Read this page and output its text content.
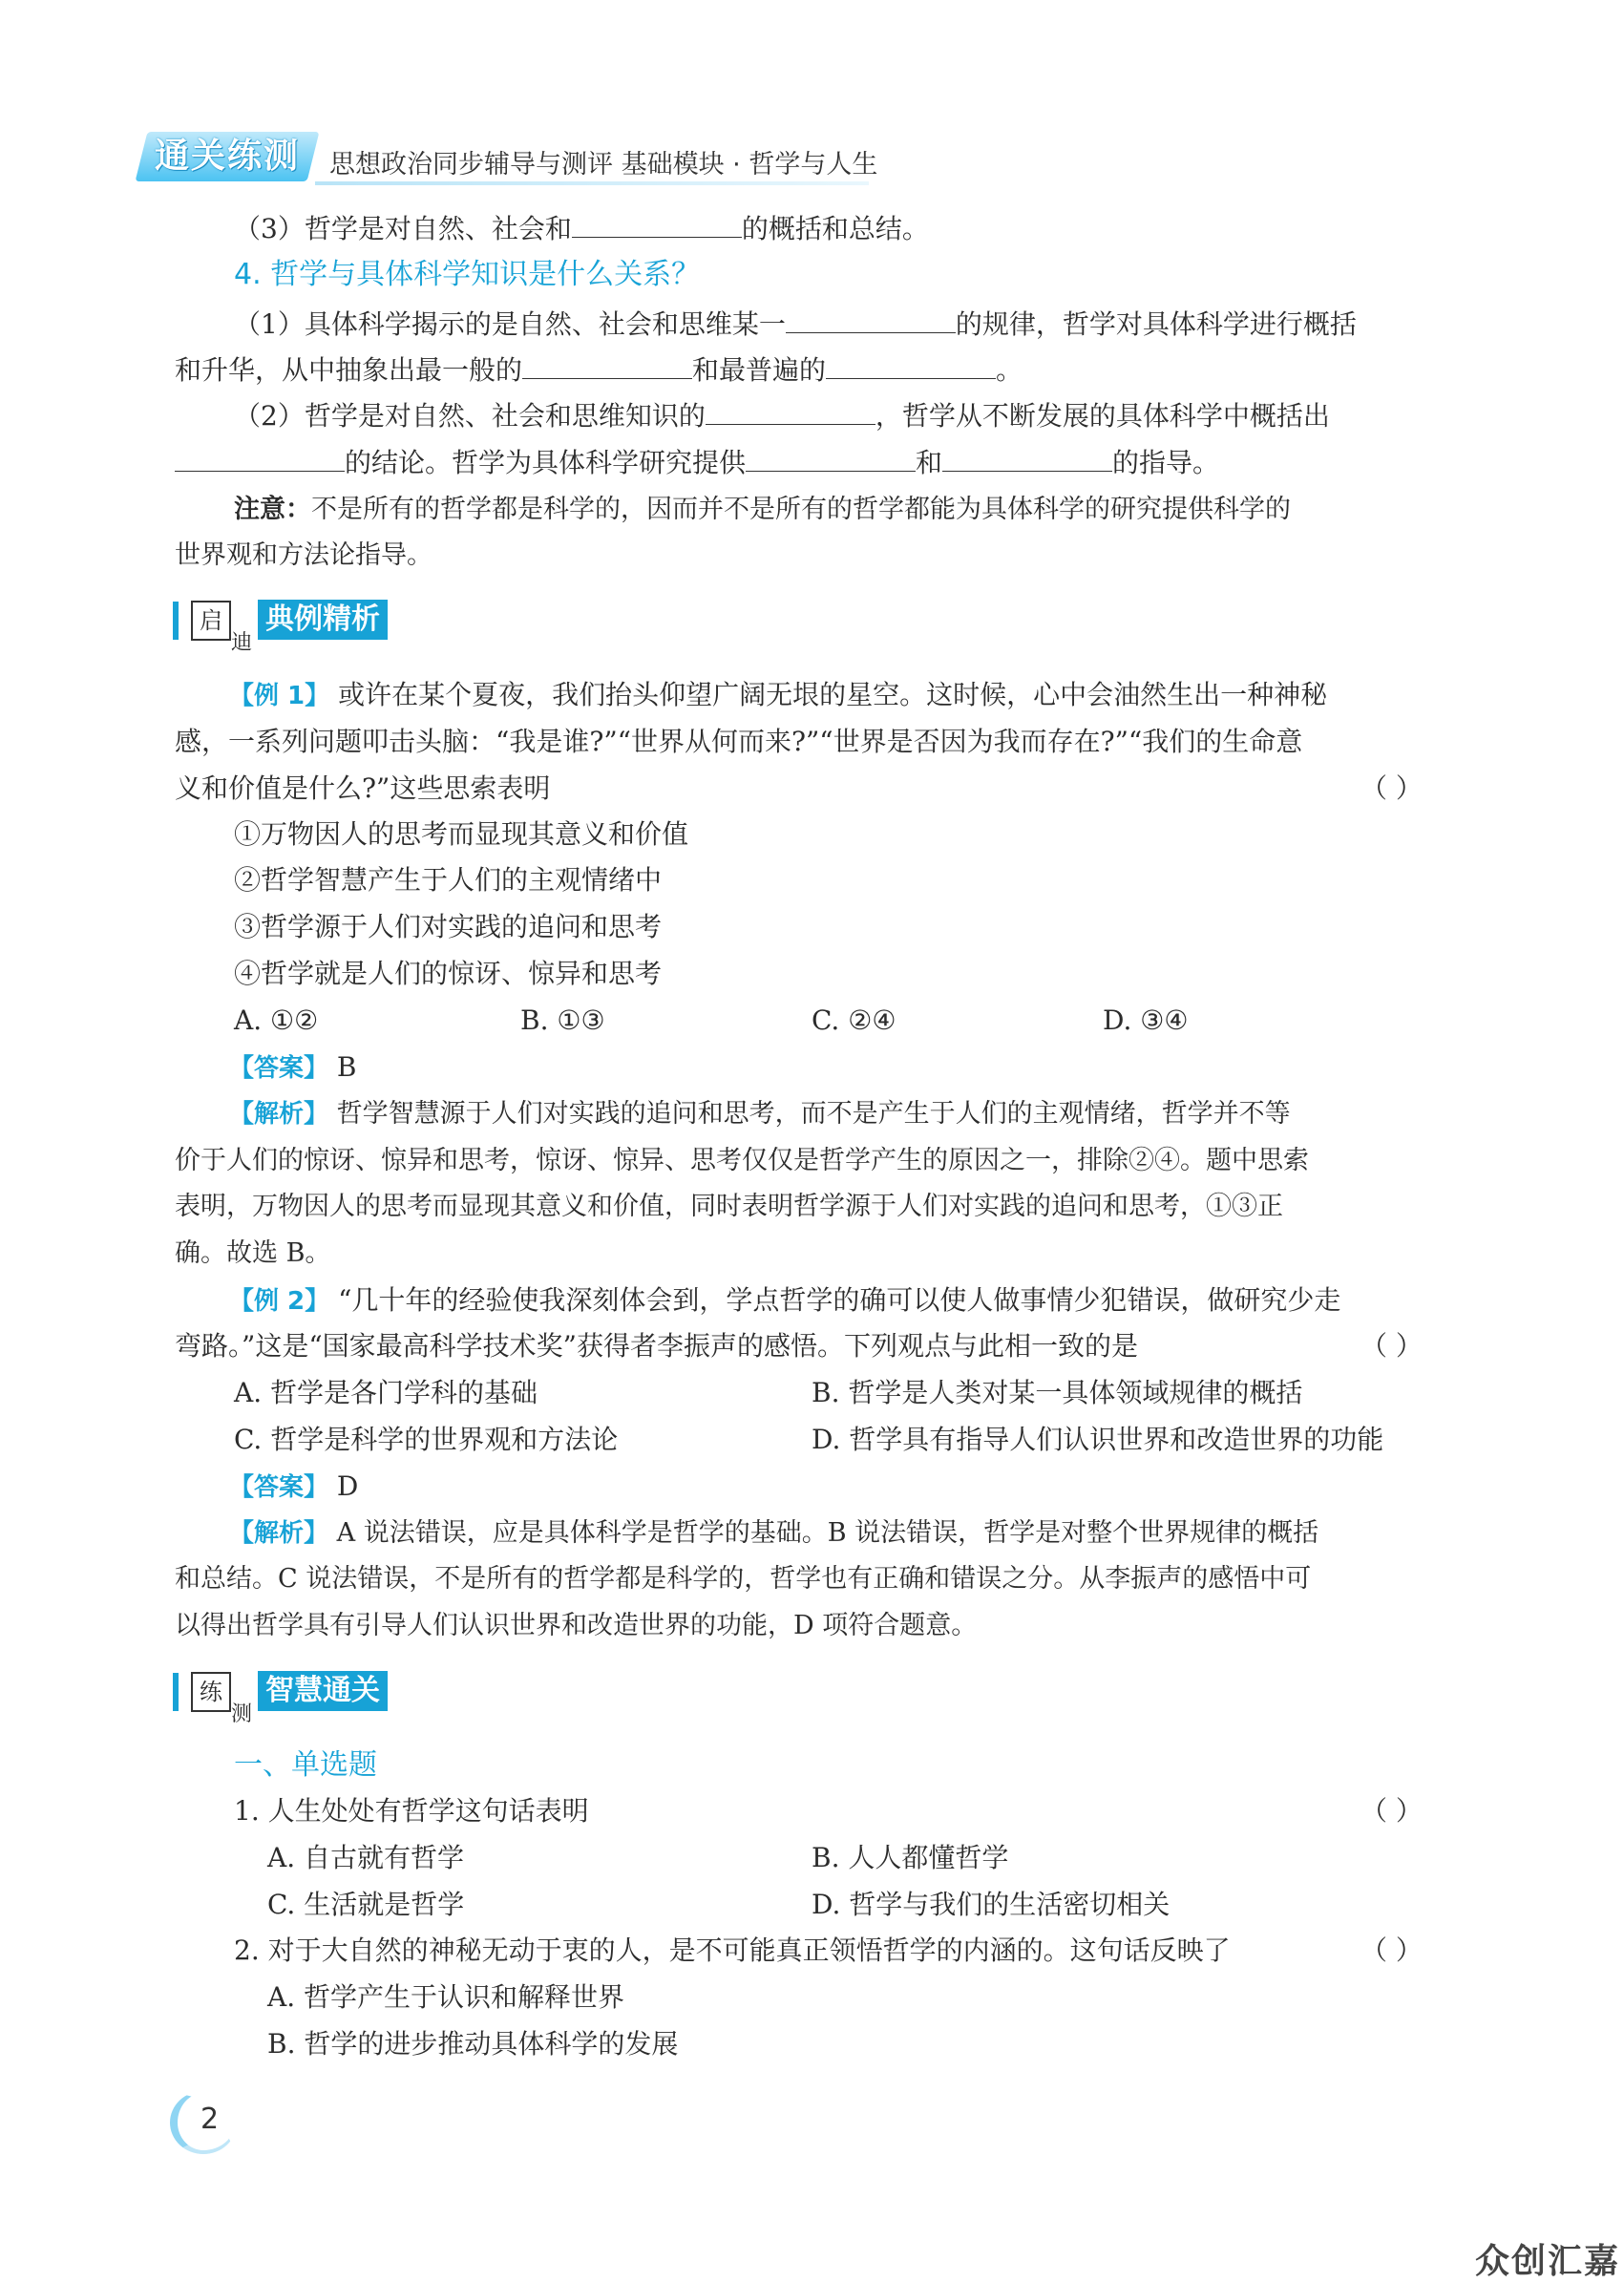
通关练测	思想政治同步辅导与测评 基础模块 · 哲学与人生
（3）哲学是对自然、社会和	的概括和总结。
4. 哲学与具体科学知识是什么关系？
（1）具体科学揭示的是自然、社会和思维某一	的规律，哲学对具体科学进行概括
和升华，从中抽象出最一般的	和最普遍的	。
（2）哲学是对自然、社会和思维知识的	，哲学从不断发展的具体科学中概括出
的结论。哲学为具体科学研究提供	和	的指导。
注意：不是所有的哲学都是科学的，因而并不是所有的哲学都能为具体科学的研究提供科学的
世界观和方法论指导。
启
迪
典例精析
【例 1】 或许在某个夏夜，我们抬头仰望广阔无垠的星空。这时候，心中会油然生出一种神秘
感，一系列问题叩击头脑：“我是谁?”“世界从何而来?”“世界是否因为我而存在?”“我们的生命意
义和价值是什么?”这些思索表明	（ ）
①万物因人的思考而显现其意义和价值
②哲学智慧产生于人们的主观情绪中
③哲学源于人们对实践的追问和思考
④哲学就是人们的惊讶、惊异和思考
A. ①②	B. ①③	C. ②④	D. ③④
【答案】 B
【解析】 哲学智慧源于人们对实践的追问和思考，而不是产生于人们的主观情绪，哲学并不等
价于人们的惊讶、惊异和思考，惊讶、惊异、思考仅仅是哲学产生的原因之一，排除②④。题中思索
表明，万物因人的思考而显现其意义和价值，同时表明哲学源于人们对实践的追问和思考，①③正
确。故选 B。
【例 2】 “几十年的经验使我深刻体会到，学点哲学的确可以使人做事情少犯错误，做研究少走
弯路。”这是“国家最高科学技术奖”获得者李振声的感悟。下列观点与此相一致的是	（ ）
A. 哲学是各门学科的基础	B. 哲学是人类对某一具体领域规律的概括
C. 哲学是科学的世界观和方法论	D. 哲学具有指导人们认识世界和改造世界的功能
【答案】 D
【解析】 A 说法错误，应是具体科学是哲学的基础。B 说法错误，哲学是对整个世界规律的概括
和总结。C 说法错误，不是所有的哲学都是科学的，哲学也有正确和错误之分。从李振声的感悟中可
以得出哲学具有引导人们认识世界和改造世界的功能，D 项符合题意。
练
测
智慧通关
一、单选题
1. 人生处处有哲学这句话表明	（ ）
A. 自古就有哲学	B. 人人都懂哲学
C. 生活就是哲学	D. 哲学与我们的生活密切相关
2. 对于大自然的神秘无动于衷的人，是不可能真正领悟哲学的内涵的。这句话反映了	（ ）
A. 哲学产生于认识和解释世界
B. 哲学的进步推动具体科学的发展
2
众创汇嘉
